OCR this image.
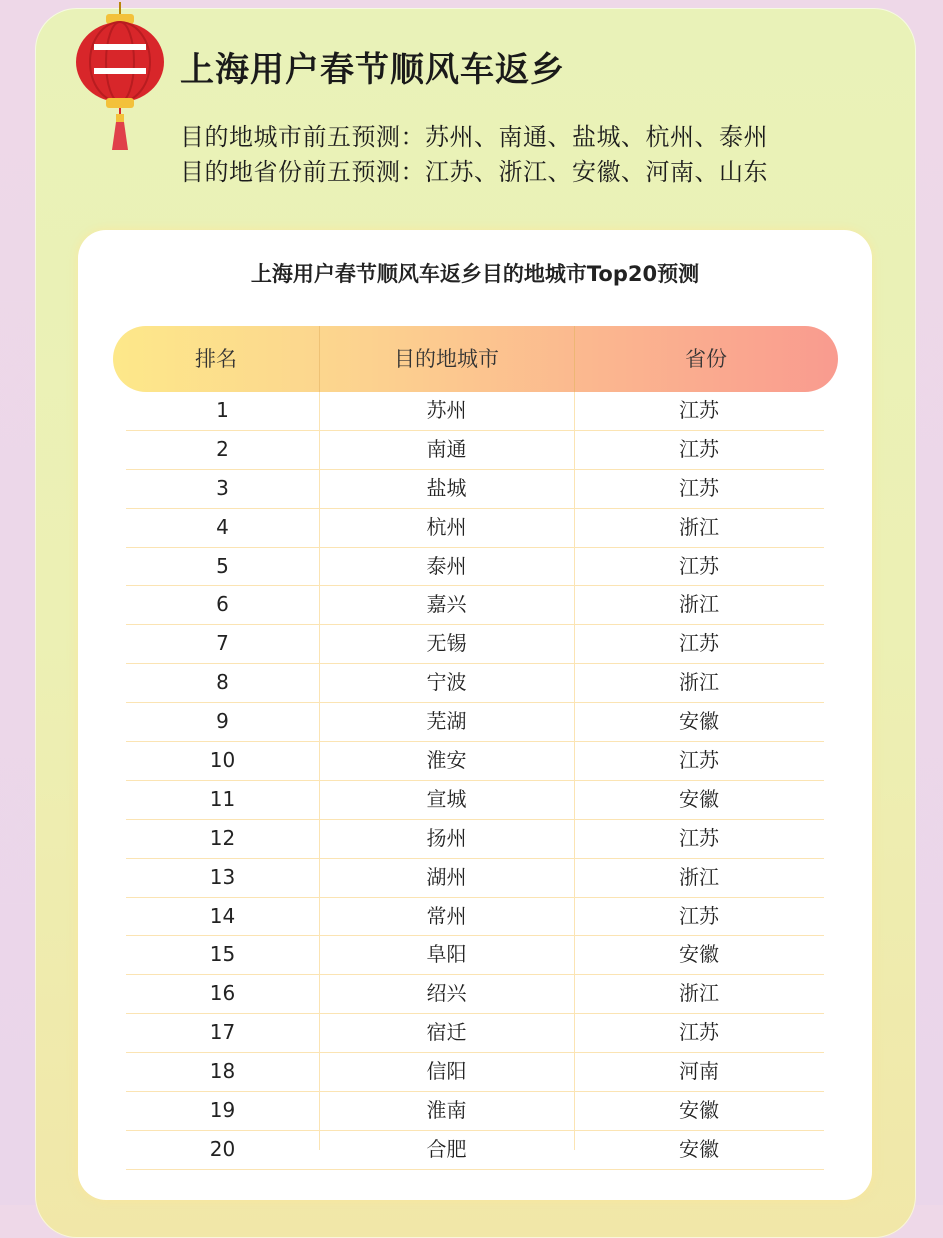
上海用户春节顺风车返乡
目的地城市前五预测：苏州、南通、盐城、杭州、泰州
目的地省份前五预测：江苏、浙江、安徽、河南、山东
上海用户春节顺风车返乡目的地城市Top20预测
排名	目的地城市	省份
1	苏州	江苏
2	南通	江苏
3	盐城	江苏
4	杭州	浙江
5	泰州	江苏
6	嘉兴	浙江
7	无锡	江苏
8	宁波	浙江
9	芜湖	安徽
10	淮安	江苏
11	宣城	安徽
12	扬州	江苏
13	湖州	浙江
14	常州	江苏
15	阜阳	安徽
16	绍兴	浙江
17	宿迁	江苏
18	信阳	河南
19	淮南	安徽
20	合肥	安徽
